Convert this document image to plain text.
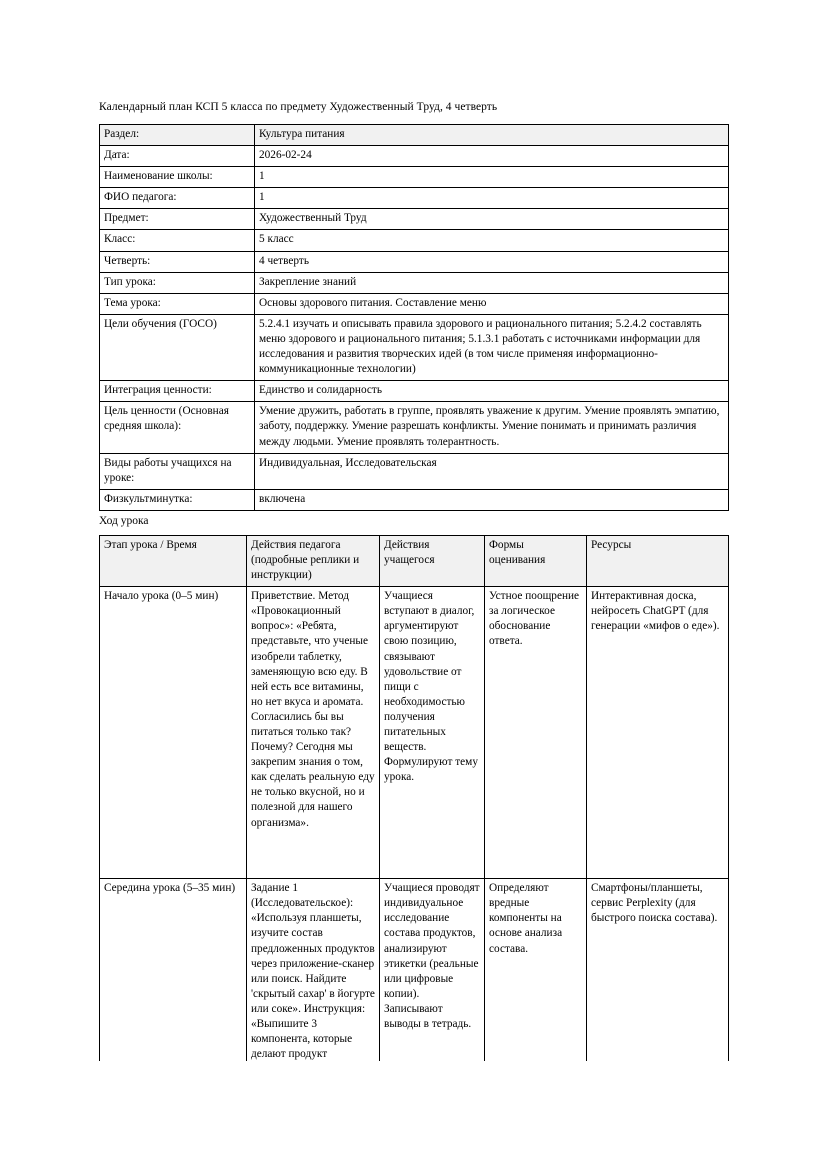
Календарный план КСП 5 класса по предмету Художественный Труд, 4 четверть
Раздел:	Культура питания
Дата:	2026-02-24
Наименование школы:	1
ФИО педагога:	1
Предмет:	Художественный Труд
Класс:	5 класс
Четверть:	4 четверть
Тип урока:	Закрепление знаний
Тема урока:	Основы здорового питания. Составление меню
Цели обучения (ГОСО)	5.2.4.1 изучать и описывать правила здорового и рационального питания; 5.2.4.2 составлять меню здорового и рационального питания; 5.1.3.1 работать с источниками информации для исследования и развития творческих идей (в том числе применяя информационно-коммуникационные технологии)
Интеграция ценности:	Единство и солидарность
Цель ценности (Основная средняя школа):	Умение дружить, работать в группе, проявлять уважение к другим. Умение проявлять эмпатию, заботу, поддержку. Умение разрешать конфликты. Умение понимать и принимать различия между людьми. Умение проявлять толерантность.
Виды работы учащихся на уроке:	Индивидуальная, Исследовательская
Физкультминутка:	включена
Ход урока
Этап урока / Время	Действия педагога (подробные реплики и инструкции)	Действия учащегося	Формы оценивания	Ресурсы
Начало урока (0–5 мин)	Приветствие. Метод «Провокационный вопрос»: «Ребята, представьте, что ученые изобрели таблетку, заменяющую всю еду. В ней есть все витамины, но нет вкуса и аромата. Согласились бы вы питаться только так? Почему? Сегодня мы закрепим знания о том, как сделать реальную еду не только вкусной, но и полезной для нашего организма».	Учащиеся вступают в диалог, аргументируют свою позицию, связывают удовольствие от пищи с необходимостью получения питательных веществ. Формулируют тему урока.	Устное поощрение за логическое обоснование ответа.	Интерактивная доска, нейросеть ChatGPT (для генерации «мифов о еде»).
Середина урока (5–35 мин)	Задание 1 (Исследовательское): «Используя планшеты, изучите состав предложенных продуктов через приложение-сканер или поиск. Найдите 'скрытый сахар' в йогурте или соке». Инструкция: «Выпишите 3 компонента, которые делают продукт	Учащиеся проводят индивидуальное исследование состава продуктов, анализируют этикетки (реальные или цифровые копии). Записывают выводы в тетрадь.	Определяют вредные компоненты на основе анализа состава.	Смартфоны/планшеты, сервис Perplexity (для быстрого поиска состава).
